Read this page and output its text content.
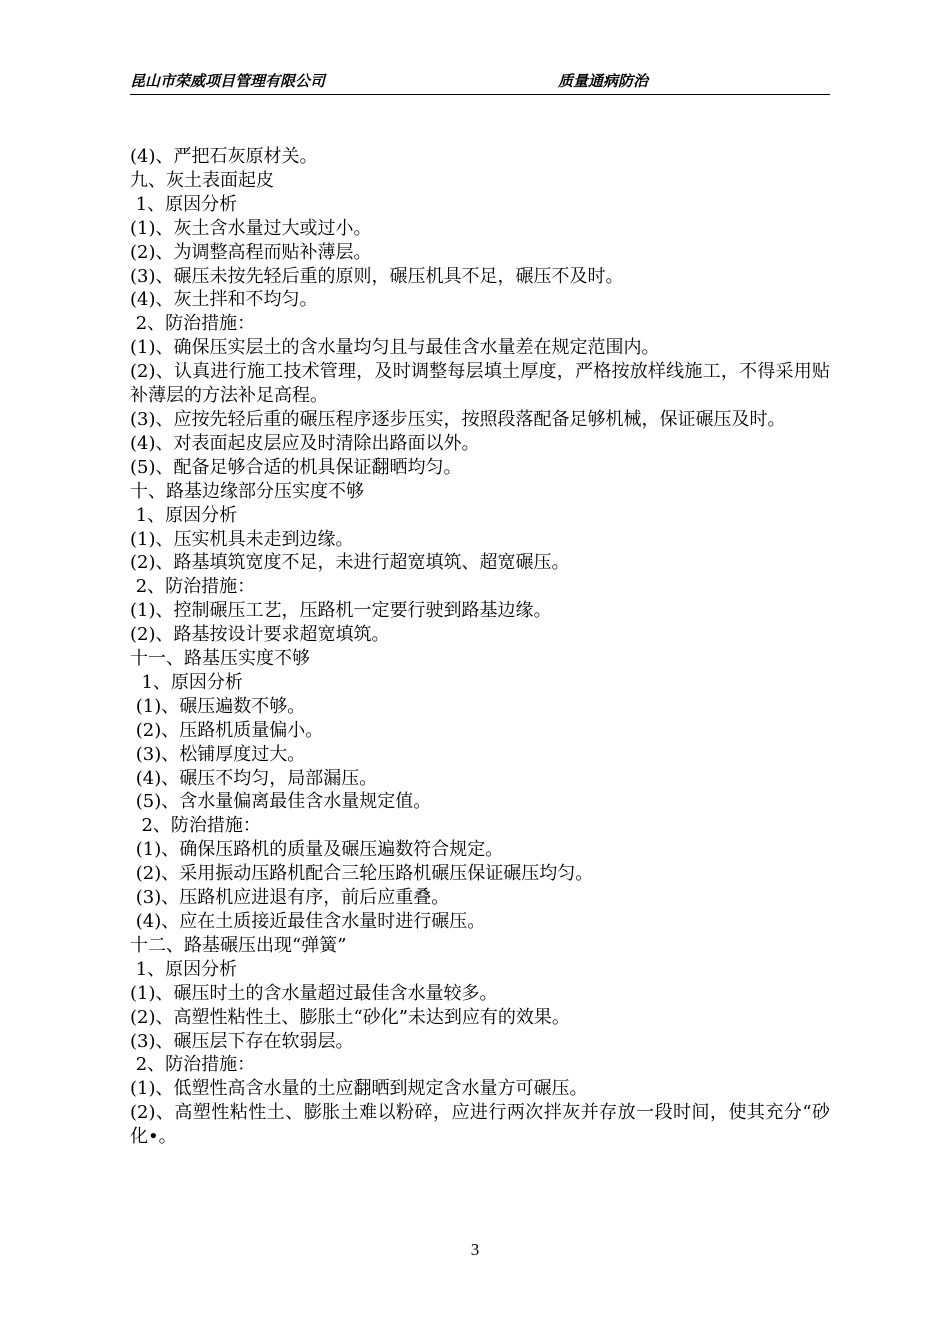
昆山市荣威项目管理有限公司	质量通病防治

(4)、严把石灰原材关。

九、灰土表面起皮

1、原因分析

(1)、灰土含水量过大或过小。

(2)、为调整高程而贴补薄层。

(3)、碾压未按先轻后重的原则，碾压机具不足，碾压不及时。

(4)、灰土拌和不均匀。

2、防治措施：

(1)、确保压实层土的含水量均匀且与最佳含水量差在规定范围内。

(2)、认真进行施工技术管理，及时调整每层填土厚度，严格按放样线施工，不得采用贴补薄层的方法补足高程。

(3)、应按先轻后重的碾压程序逐步压实，按照段落配备足够机械，保证碾压及时。

(4)、对表面起皮层应及时清除出路面以外。

(5)、配备足够合适的机具保证翻晒均匀。

十、路基边缘部分压实度不够

1、原因分析

(1)、压实机具未走到边缘。

(2)、路基填筑宽度不足，未进行超宽填筑、超宽碾压。

2、防治措施：

(1)、控制碾压工艺，压路机一定要行驶到路基边缘。

(2)、路基按设计要求超宽填筑。

十一、路基压实度不够

1、原因分析

(1)、碾压遍数不够。

(2)、压路机质量偏小。

(3)、松铺厚度过大。

(4)、碾压不均匀，局部漏压。

(5)、含水量偏离最佳含水量规定值。

2、防治措施：

(1)、确保压路机的质量及碾压遍数符合规定。

(2)、采用振动压路机配合三轮压路机碾压保证碾压均匀。

(3)、压路机应进退有序，前后应重叠。

(4)、应在土质接近最佳含水量时进行碾压。

十二、路基碾压出现“弹簧”

1、原因分析

(1)、碾压时土的含水量超过最佳含水量较多。

(2)、高塑性粘性土、膨胀土“砂化”未达到应有的效果。

(3)、碾压层下存在软弱层。

2、防治措施：

(1)、低塑性高含水量的土应翻晒到规定含水量方可碾压。

(2)、高塑性粘性土、膨胀土难以粉碎，应进行两次拌灰并存放一段时间，使其充分“砂化•。

3
